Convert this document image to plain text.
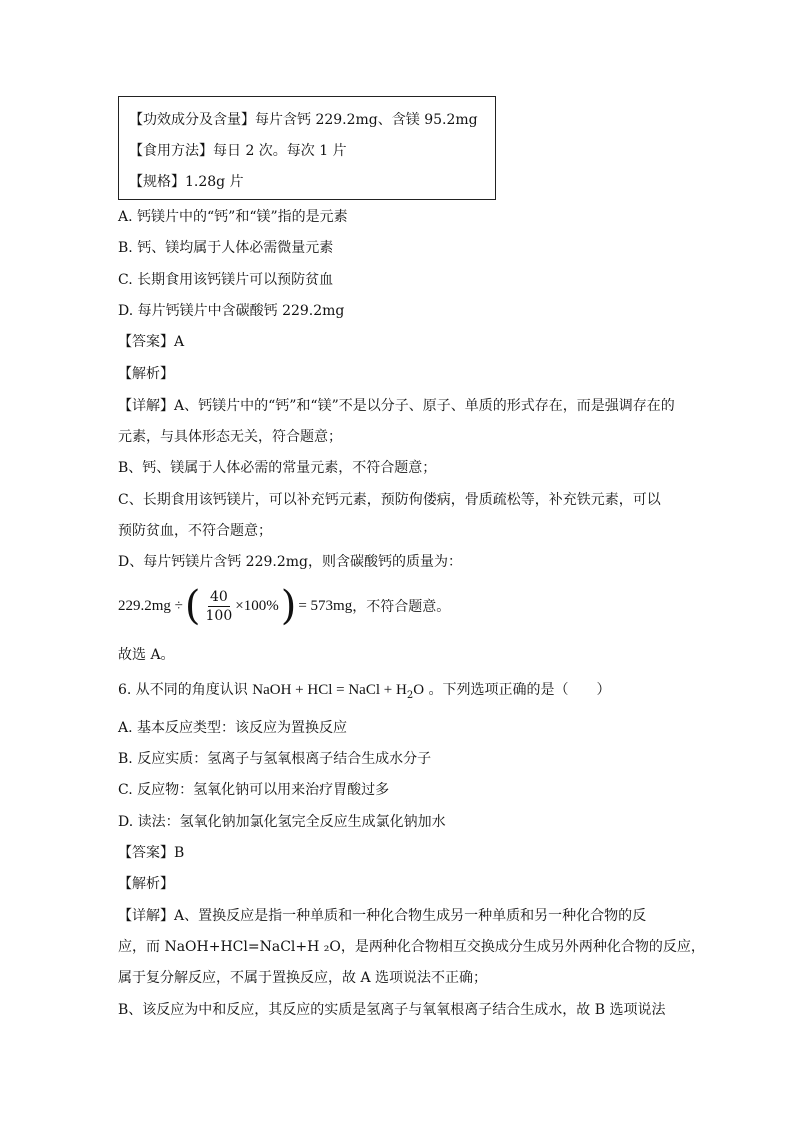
【功效成分及含量】每片含钙 229.2mg、含镁 95.2mg
【食用方法】每日 2 次。每次 1 片
【规格】1.28g 片
A. 钙镁片中的“钙”和“镁”指的是元素
B. 钙、镁均属于人体必需微量元素
C. 长期食用该钙镁片可以预防贫血
D. 每片钙镁片中含碳酸钙 229.2mg
【答案】A
【解析】
【详解】A、钙镁片中的“钙”和“镁”不是以分子、原子、单质的形式存在，而是强调存在的
元素，与具体形态无关，符合题意；
B、钙、镁属于人体必需的常量元素，不符合题意；
C、长期食用该钙镁片，可以补充钙元素，预防佝偻病，骨质疏松等，补充铁元素，可以
预防贫血，不符合题意；
D、每片钙镁片含钙 229.2mg，则含碳酸钙的质量为：
229.2mg ÷ ( $\frac{40}{100} \times 100\%$ ) = 573mg ，不符合题意。
故选 A。
6. 从不同的角度认识 NaOH + HCl = NaCl + $H_2O$ 。下列选项正确的是（　　）
A. 基本反应类型：该反应为置换反应
B. 反应实质：氢离子与氢氧根离子结合生成水分子
C. 反应物：氢氧化钠可以用来治疗胃酸过多
D. 读法：氢氧化钠加氯化氢完全反应生成氯化钠加水
【答案】B
【解析】
【详解】A、置换反应是指一种单质和一种化合物生成另一种单质和另一种化合物的反
应，而 NaOH+HCl=NaCl+H ₂O，是两种化合物相互交换成分生成另外两种化合物的反应，
属于复分解反应，不属于置换反应，故 A 选项说法不正确；
B、该反应为中和反应，其反应的实质是氢离子与氧氧根离子结合生成水，故 B 选项说法
